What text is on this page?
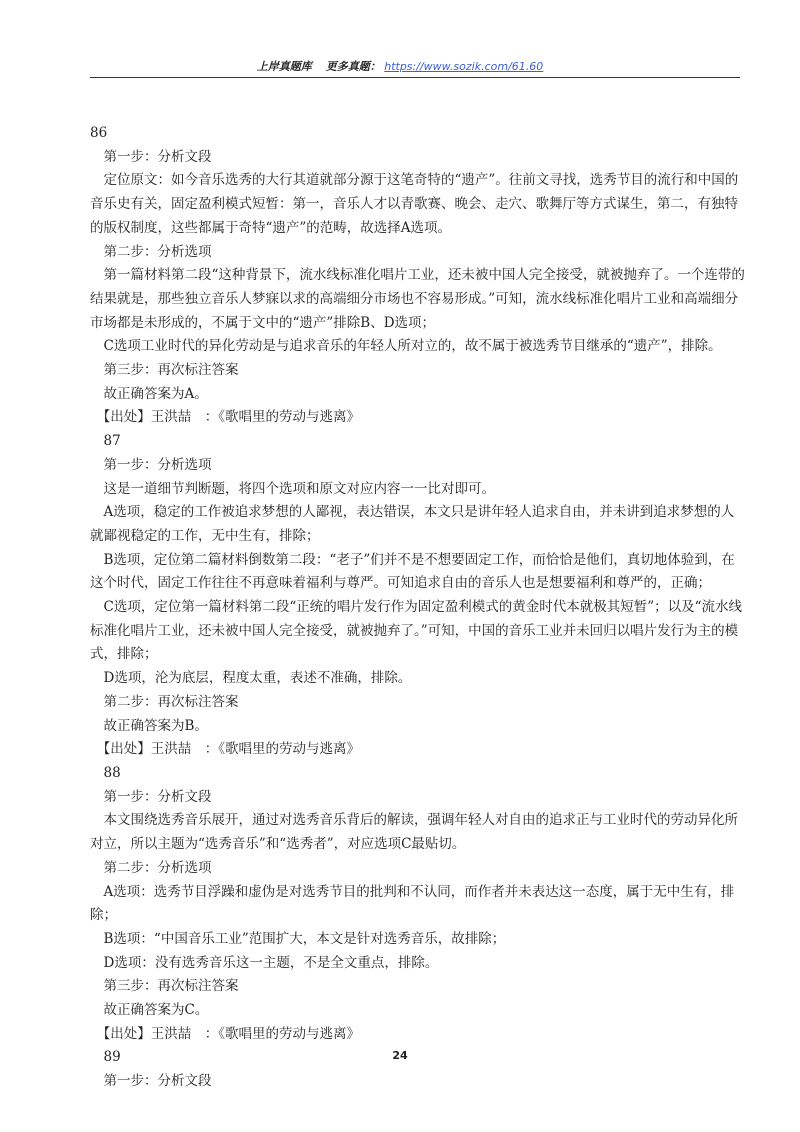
上岸真题库 更多真题： https://www.sozik.com/61.60
86
　第一步：分析文段
　定位原文：如今音乐选秀的大行其道就部分源于这笔奇特的“遗产”。往前文寻找，选秀节目的流行和中国的音乐史有关，固定盈利模式短暂：第一，音乐人才以青歌赛、晚会、走穴、歌舞厅等方式谋生，第二，有独特的版权制度，这些都属于奇特“遗产”的范畴，故选择A选项。
　第二步：分析选项
　第一篇材料第二段“这种背景下，流水线标准化唱片工业，还未被中国人完全接受，就被抛弃了。一个连带的结果就是，那些独立音乐人梦寐以求的高端细分市场也不容易形成。”可知，流水线标准化唱片工业和高端细分市场都是未形成的，不属于文中的“遗产”排除B、D选项；
　C选项工业时代的异化劳动是与追求音乐的年轻人所对立的，故不属于被选秀节目继承的“遗产”，排除。
　第三步：再次标注答案
　故正确答案为A。
　【出处】王洪喆　：《歌唱里的劳动与逃离》
　87
　第一步：分析选项
　这是一道细节判断题，将四个选项和原文对应内容一一比对即可。
　A选项，稳定的工作被追求梦想的人鄙视，表达错误，本文只是讲年轻人追求自由，并未讲到追求梦想的人就鄙视稳定的工作，无中生有，排除；
　B选项，定位第二篇材料倒数第二段：“老子”们并不是不想要固定工作，而恰恰是他们，真切地体验到，在这个时代，固定工作往往不再意味着福利与尊严。可知追求自由的音乐人也是想要福利和尊严的，正确；
　C选项，定位第一篇材料第二段“正统的唱片发行作为固定盈利模式的黄金时代本就极其短暂”；以及“流水线标准化唱片工业，还未被中国人完全接受，就被抛弃了。”可知，中国的音乐工业并未回归以唱片发行为主的模式，排除；
　D选项，沦为底层，程度太重，表述不准确，排除。
　第二步：再次标注答案
　故正确答案为B。
　【出处】王洪喆　：《歌唱里的劳动与逃离》
　88
　第一步：分析文段
　本文围绕选秀音乐展开，通过对选秀音乐背后的解读，强调年轻人对自由的追求正与工业时代的劳动异化所对立，所以主题为“选秀音乐”和“选秀者”，对应选项C最贴切。
　第二步：分析选项
　A选项：选秀节目浮躁和虚伪是对选秀节目的批判和不认同，而作者并未表达这一态度，属于无中生有，排除；
　B选项：“中国音乐工业”范围扩大，本文是针对选秀音乐，故排除；
　D选项：没有选秀音乐这一主题，不是全文重点，排除。
　第三步：再次标注答案
　故正确答案为C。
　【出处】王洪喆　：《歌唱里的劳动与逃离》
　89
　第一步：分析文段
24
